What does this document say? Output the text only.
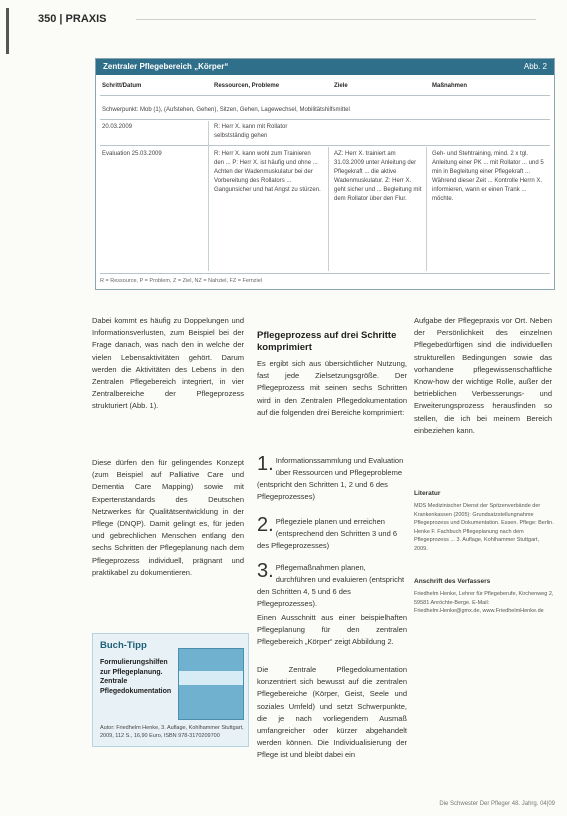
350 | PRAXIS
Zentraler Pflegebereich „Körper“	Abb. 2
Schritt/Datum	Ressourcen, Probleme	Ziele	Maßnahmen
Schwerpunkt: Mob (1), (Aufstehen, Gehen), Sitzen, Gehen, Lagewechsel, Mobilitätshilfsmittel
20.03.2009	R: Herr X. kann mit Rollator selbstständig gehen
Evaluation 25.03.2009	R: Herr X. kann wohl zum Trainieren den ... P: Herr X. ist häufig und ohne ... Achten der Wadenmuskulatur bei der Vorbereitung des Rollators ... Gangunsicher und hat Angst zu stürzen.
AZ: Herr X. trainiert am 31.03.2009 unter Anleitung der Pflegekraft ... die aktive Wadenmuskulatur. Z: Herr X. geht sicher und ... Begleitung mit dem Rollator über den Flur.
Geh- und Stehtraining, mind. 2 x tgl. Anleitung einer PK ... mit Rollator ... und 5 min in Begleitung einer Pflegekraft ... Während dieser Zeit ... Kontrolle Herrn X. informieren, wann er einen Trank ... möchte.
R = Ressource, P = Problem, Z = Ziel, NZ = Nahziel, FZ = Fernziel
Dabei kommt es häufig zu Doppelungen und Informationsverlusten, zum Beispiel bei der Frage danach, was nach den in welche der vielen Lebensaktivitäten gehört. Darum werden die Aktivitäten des Lebens in den Zentralen Pflegebereich integriert, in vier Zentralbereiche der Pflegeprozess strukturiert (Abb. 1).
Diese dürfen den für gelingendes Konzept (zum Beispiel auf Palliative Care und Dementia Care Mapping) sowie mit Expertenstandards des Deutschen Netzwerkes für Qualitätsentwicklung in der Pflege (DNQP). Damit gelingt es, für jeden und gebrechlichen Menschen entlang den sechs Schritten der Pflegeplanung nach dem Pflegeprozess individuell, prägnant und praktikabel zu dokumentieren.
Buch-Tipp
Formulierungshilfen zur Pflegeplanung. Zentrale Pflegedokumentation
Autor: Friedhelm Henke, 3. Auflage, Kohlhammer Stuttgart, 2009, 112 S., 16,90 Euro, ISBN 978-3170209700
Pflegeprozess auf drei Schritte komprimiert
Es ergibt sich aus übersichtlicher Nutzung, fast jede Zielsetzungsgröße. Der Pflegeprozess mit seinen sechs Schritten wird in den Zentralen Pflegedokumentation auf die folgenden drei Bereiche komprimiert:
1. Informationssammlung und Evaluation über Ressourcen und Pflegeprobleme (entspricht den Schritten 1, 2 und 6 des Pflegeprozesses)
2. Pflegeziele planen und erreichen (entsprechend den Schritten 3 und 6 des Pflegeprozesses)
3. Pflegemaßnahmen planen, durchführen und evaluieren (entspricht den Schritten 4, 5 und 6 des Pflegeprozesses).
Einen Ausschnitt aus einer beispielhaften Pflegeplanung für den zentralen Pflegebereich „Körper“ zeigt Abbildung 2.
Die Zentrale Pflegedokumentation konzentriert sich bewusst auf die zentralen Pflegebereiche (Körper, Geist, Seele und soziales Umfeld) und setzt Schwerpunkte, die je nach vorliegendem Ausmaß umfangreicher oder kürzer abgehandelt werden können. Die Individualisierung der Pflege ist und bleibt dabei ein
Aufgabe der Pflegepraxis vor Ort. Neben der Persönlichkeit des einzelnen Pflegebedürftigen sind die individuellen strukturellen Bedingungen sowie das vorhandene pflegewissenschaftliche Know-how der wichtige Rolle, außer der betrieblichen Verbesserungs- und Erweiterungsprozess herausfinden so stellen, die ich bei meinem Bereich einbeziehen kann.
Literatur
MDS Medizinischer Dienst der Spitzenverbände der Krankenkassen (2005): Grundsatzstellungnahme Pflegeprozess und Dokumentation. Essen. Pflege: Berlin. Henke F. Fachbuch Pflegeplanung nach dem Pflegeprozess ... 3. Auflage, Kohlhammer Stuttgart, 2009.
Anschrift des Verfassers
Friedhelm Henke, Lehrer für Pflegeberufe, Kirchenweg 2, 59581 Anröchte-Berge. E-Mail: Friedhelm.Henke@gmx.de, www.FriedhelmHenke.de
Die Schwester Der Pfleger 48. Jahrg. 04|09
